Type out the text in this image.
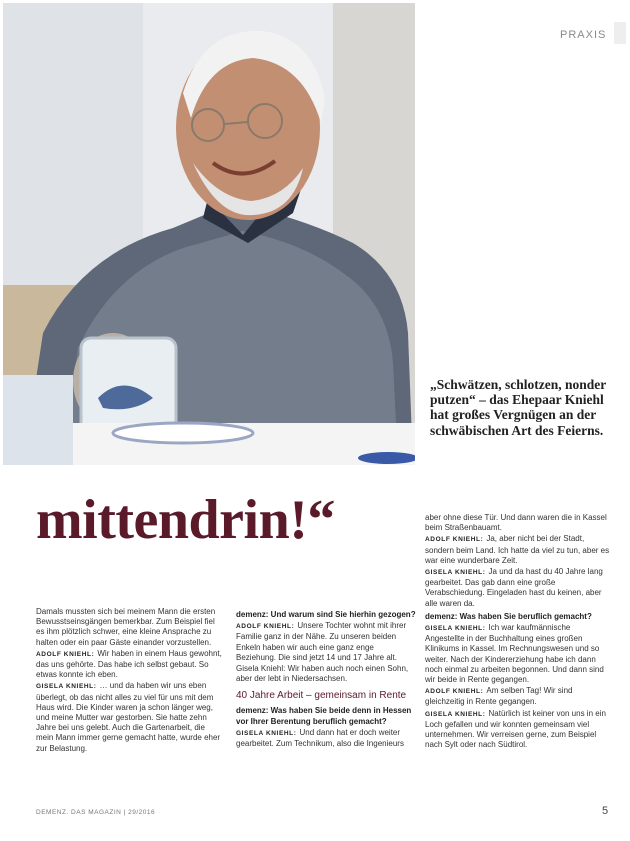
PRAXIS
„Schwätzen, schlotzen, nonder putzen“ – das Ehepaar Kniehl hat großes Vergnügen an der schwäbischen Art des Feierns.
mittendrin!“

Damals mussten sich bei meinem Mann die ersten Bewusstseinsgängen bemerkbar. Zum Beispiel fiel es ihm plötzlich schwer, eine kleine Ansprache zu halten oder ein paar Gäste einander vorzustellen.

ADOLF KNIEHL: Wir haben in einem Haus gewohnt, das uns gehörte. Das habe ich selbst gebaut. So etwas konnte ich eben.

GISELA KNIEHL: … und da haben wir uns eben überlegt, ob das nicht alles zu viel für uns mit dem Haus wird. Die Kinder waren ja schon länger weg, und meine Mutter war gestorben. Sie hatte zehn Jahre bei uns gelebt. Auch die Gartenarbeit, die mein Mann immer gerne gemacht hatte, wurde eher zur Belastung.

demenz: Und warum sind Sie hierhin gezogen?

ADOLF KNIEHL: Unsere Tochter wohnt mit ihrer Familie ganz in der Nähe. Zu unseren beiden Enkeln haben wir auch eine ganz enge Beziehung. Die sind jetzt 14 und 17 Jahre alt.

Gisela Kniehl: Wir haben auch noch einen Sohn, aber der lebt in Niedersachsen.

40 Jahre Arbeit – gemeinsam in Rente

demenz: Was haben Sie beide denn in Hessen vor Ihrer Berentung beruflich gemacht?

GISELA KNIEHL: Und dann hat er doch weiter gearbeitet. Zum Technikum, also die Ingenieurs

aber ohne diese Tür. Und dann waren die in Kassel beim Straßenbauamt.

ADOLF KNIEHL: Ja, aber nicht bei der Stadt, sondern beim Land. Ich hatte da viel zu tun, aber es war eine wunderbare Zeit.

GISELA KNIEHL: Ja und da hast du 40 Jahre lang gearbeitet. Das gab dann eine große Verabschiedung. Eingeladen hast du keinen, aber alle waren da.

demenz: Was haben Sie beruflich gemacht?

GISELA KNIEHL: Ich war kaufmännische Angestellte in der Buchhaltung eines großen Klinikums in Kassel. Im Rechnungswesen und so weiter. Nach der Kindererziehung habe ich dann noch einmal zu arbeiten begonnen. Und dann sind wir beide in Rente gegangen.

ADOLF KNIEHL: Am selben Tag! Wir sind gleichzeitig in Rente gegangen.

GISELA KNIEHL: Natürlich ist keiner von uns in ein Loch gefallen und wir konnten gemeinsam viel unternehmen. Wir verreisen gerne, zum Beispiel nach Sylt oder nach Südtirol.

DEMENZ. DAS MAGAZIN | 29/2016	5
